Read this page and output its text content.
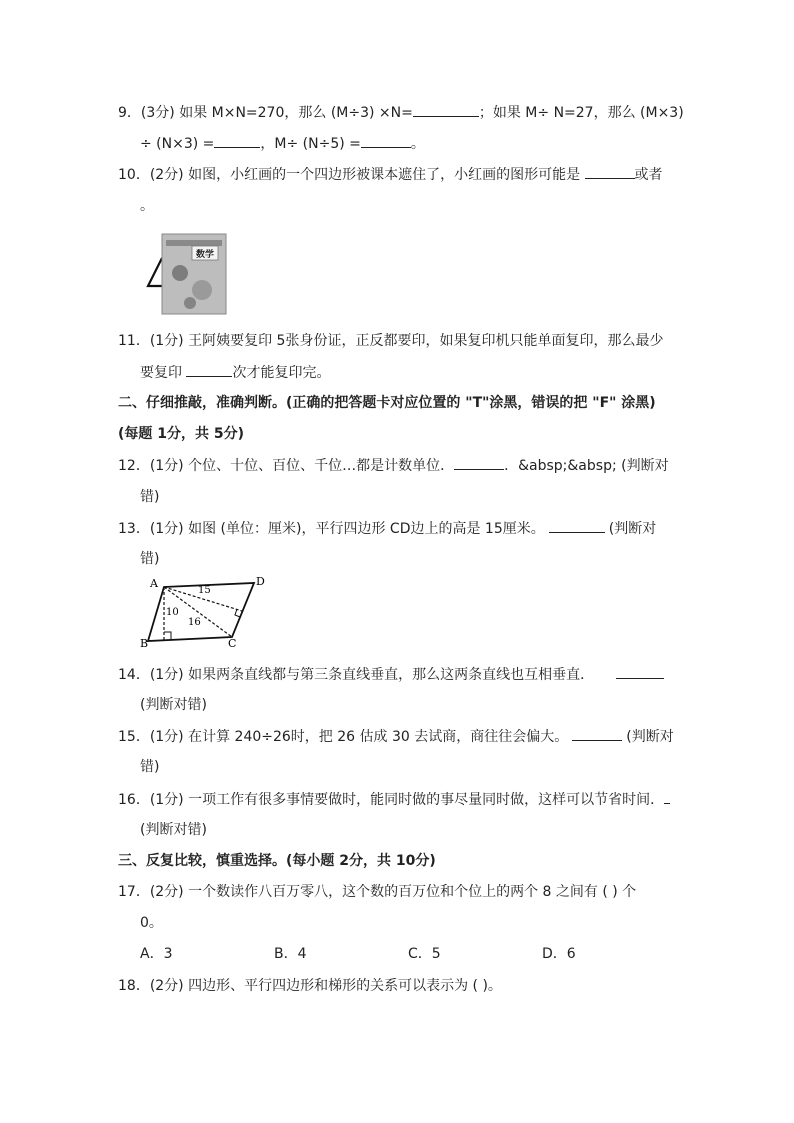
9．(3分) 如果 M×N=270，那么 (M÷3) ×N=	；如果 M÷ N=27，那么 (M×3)
÷ (N×3) =	，M÷ (N÷5) =	。
10．(2分) 如图，小红画的一个四边形被课本遮住了，小红画的图形可能是	或者
。
数学
11．(1分) 王阿姨要复印 5张身份证，正反都要印，如果复印机只能单面复印，那么最少
要复印	次才能复印完。
二、仔细推敲，准确判断。(正确的把答题卡对应位置的 "T"涂黑，错误的把 "F" 涂黑)
(每题 1分，共 5分)
12．(1分) 个位、十位、百位、千位…都是计数单位．	．&absp;&absp; (判断对
错)
13．(1分) 如图 (单位：厘米)，平行四边形 CD边上的高是 15厘米。	(判断对
错)
A	D
B	C
15
16
10
14．(1分) 如果两条直线都与第三条直线垂直，那么这两条直线也互相垂直．
(判断对错)
15．(1分) 在计算 240÷26时，把 26 估成 30 去试商，商往往会偏大。	(判断对
错)
16．(1分) 一项工作有很多事情要做时，能同时做的事尽量同时做，这样可以节省时间．
(判断对错)
三、反复比较，慎重选择。(每小题 2分，共 10分)
17．(2分) 一个数读作八百万零八，这个数的百万位和个位上的两个 8 之间有 ( ) 个
0。
A．3	B．4	C．5	D．6
18．(2分) 四边形、平行四边形和梯形的关系可以表示为 ( )。
